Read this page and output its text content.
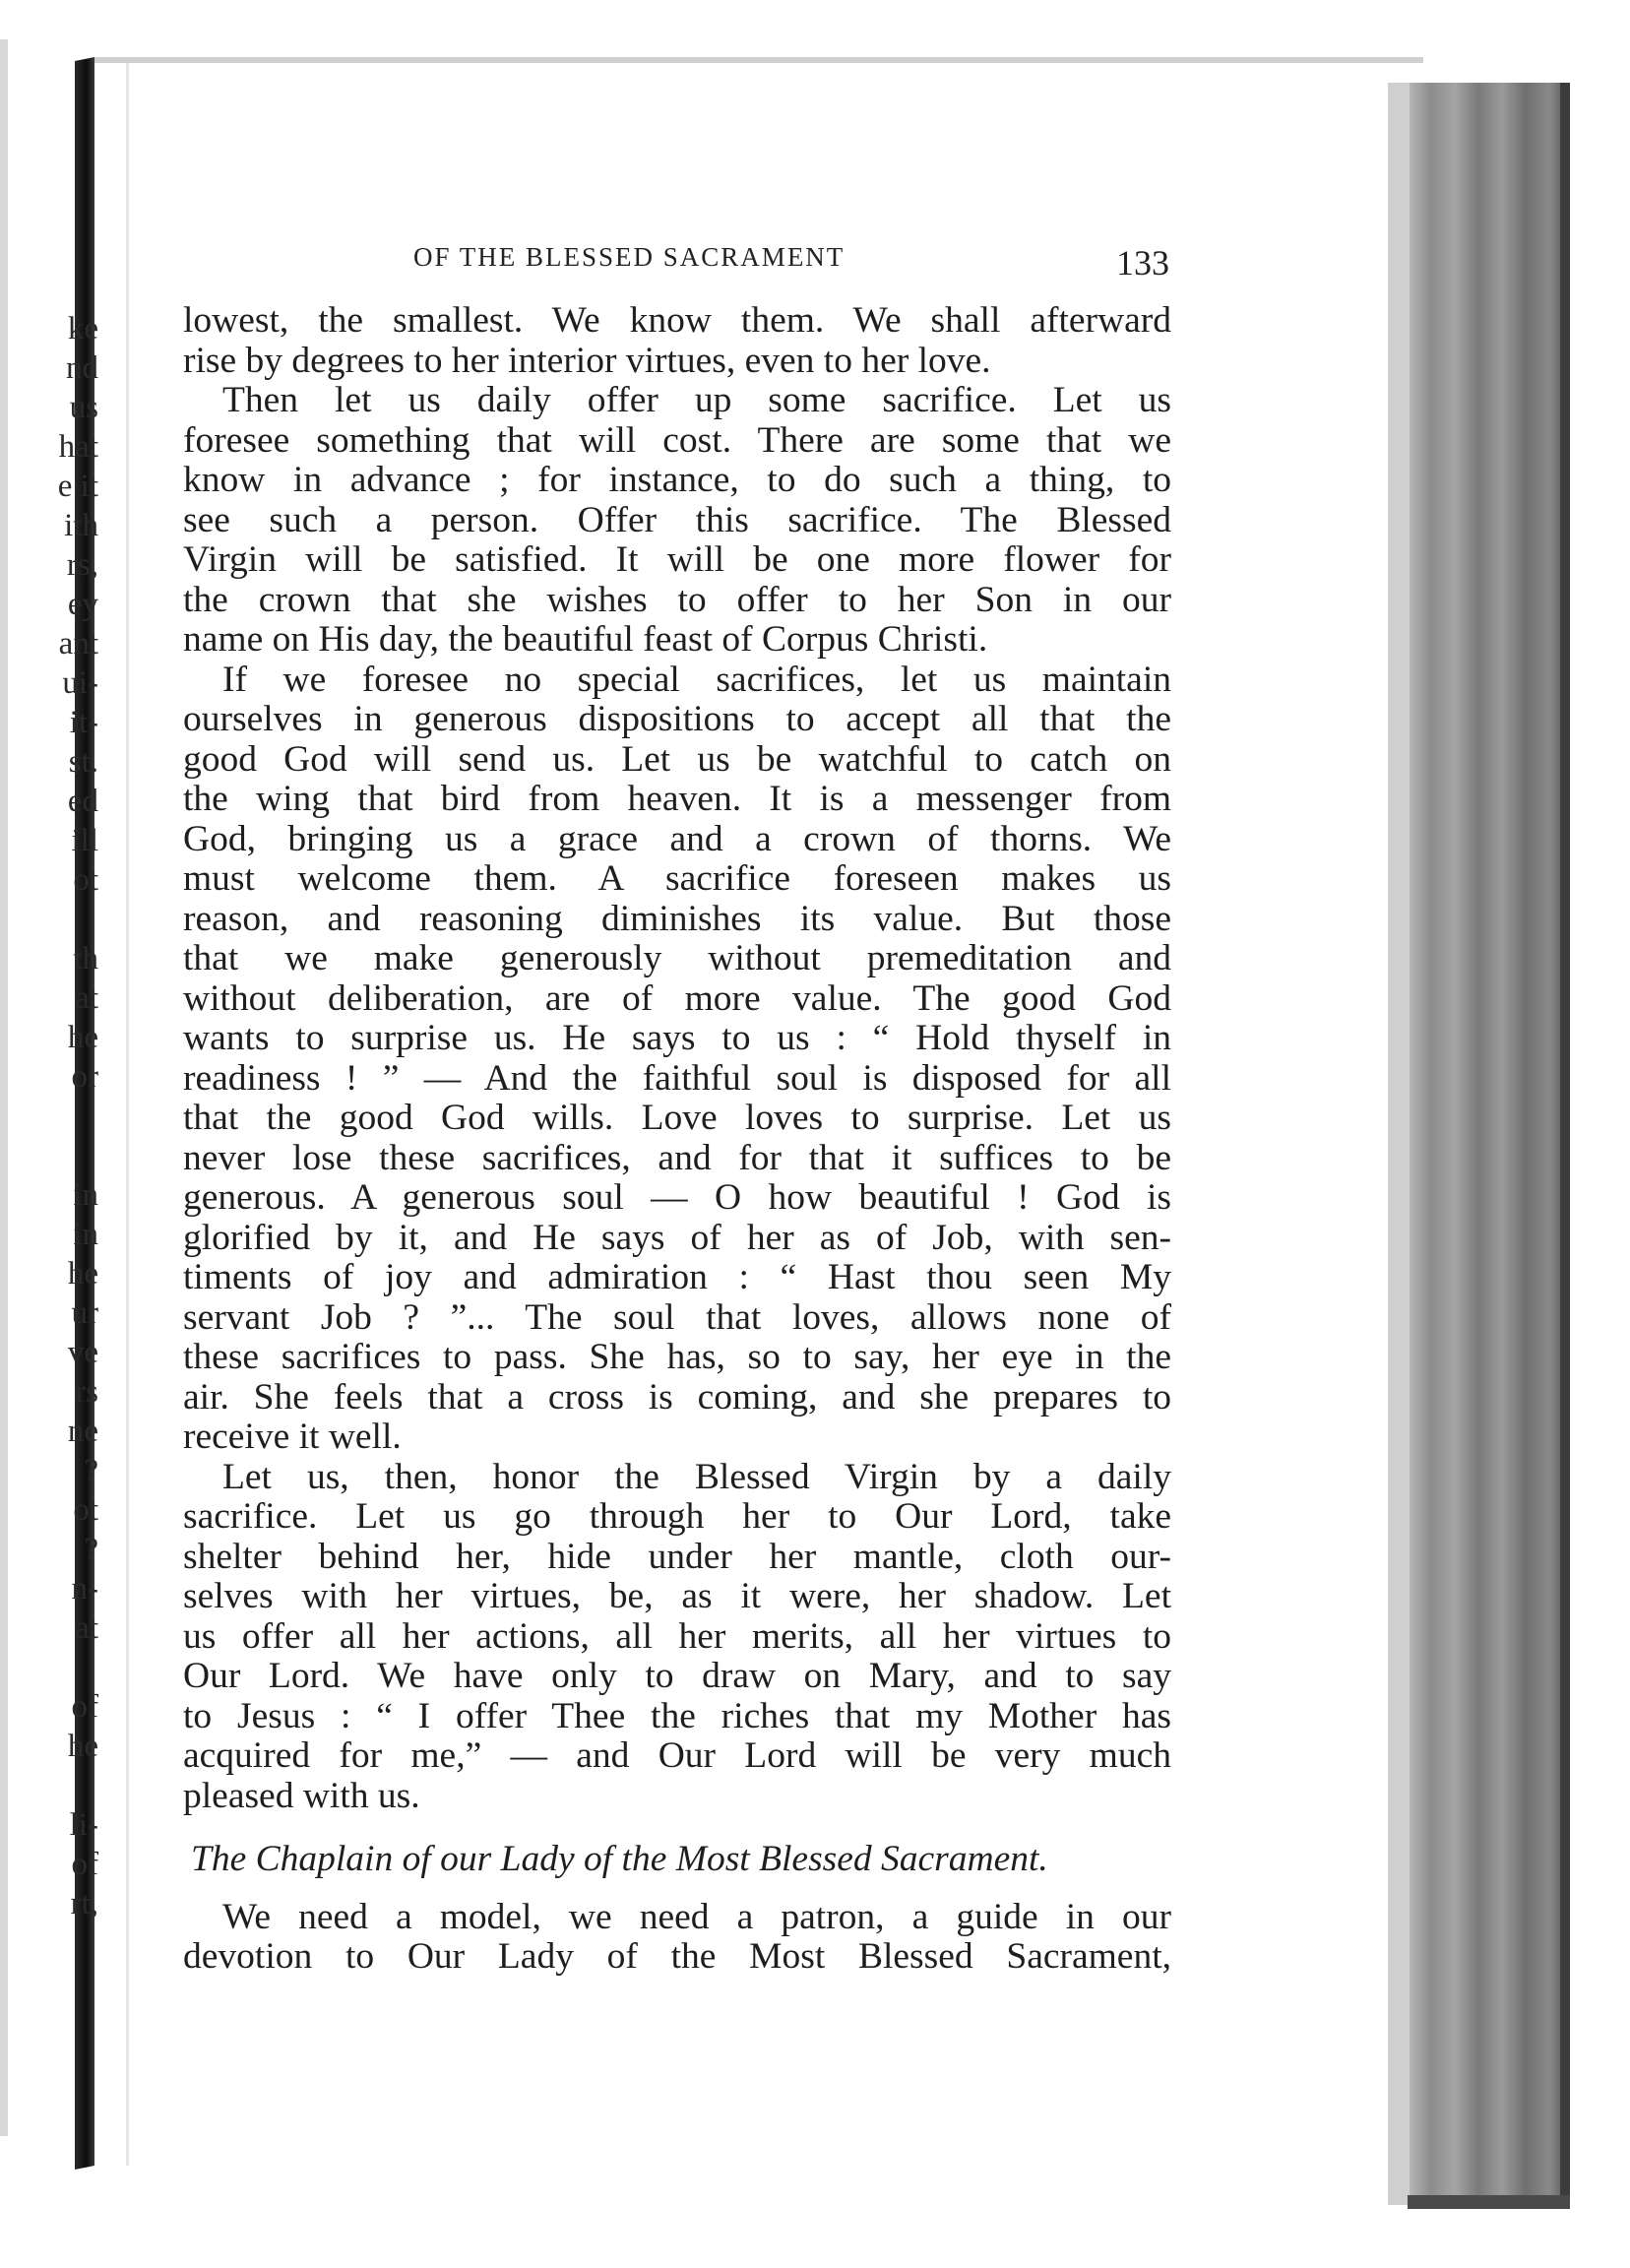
ke
nd
us
hat
e it
ith
rs,
ey
ant
ui-
it-
st.
ed
ill
ot
th
at
he
or
in
in
he
ur
ve
rs
ne
?
ot
?
n-
at
of
he
li-
of
rt,
OF THE BLESSED SACRAMENT	133
lowest, the smallest. We know them. We shall afterward
rise by degrees to her interior virtues, even to her love.
Then let us daily offer up some sacrifice. Let us
foresee something that will cost. There are some that we
know in advance ; for instance, to do such a thing, to
see such a person. Offer this sacrifice. The Blessed
Virgin will be satisfied. It will be one more flower for
the crown that she wishes to offer to her Son in our
name on His day, the beautiful feast of Corpus Christi.
If we foresee no special sacrifices, let us maintain
ourselves in generous dispositions to accept all that the
good God will send us. Let us be watchful to catch on
the wing that bird from heaven. It is a messenger from
God, bringing us a grace and a crown of thorns. We
must welcome them. A sacrifice foreseen makes us
reason, and reasoning diminishes its value. But those
that we make generously without premeditation and
without deliberation, are of more value. The good God
wants to surprise us. He says to us : “ Hold thyself in
readiness ! ” — And the faithful soul is disposed for all
that the good God wills. Love loves to surprise. Let us
never lose these sacrifices, and for that it suffices to be
generous. A generous soul — O how beautiful ! God is
glorified by it, and He says of her as of Job, with sen-
timents of joy and admiration : “ Hast thou seen My
servant Job ? ”... The soul that loves, allows none of
these sacrifices to pass. She has, so to say, her eye in the
air. She feels that a cross is coming, and she prepares to
receive it well.
Let us, then, honor the Blessed Virgin by a daily
sacrifice. Let us go through her to Our Lord, take
shelter behind her, hide under her mantle, cloth our-
selves with her virtues, be, as it were, her shadow. Let
us offer all her actions, all her merits, all her virtues to
Our Lord. We have only to draw on Mary, and to say
to Jesus : “ I offer Thee the riches that my Mother has
acquired for me,” — and Our Lord will be very much
pleased with us.
The Chaplain of our Lady of the Most Blessed Sacrament.
We need a model, we need a patron, a guide in our
devotion to Our Lady of the Most Blessed Sacrament,
